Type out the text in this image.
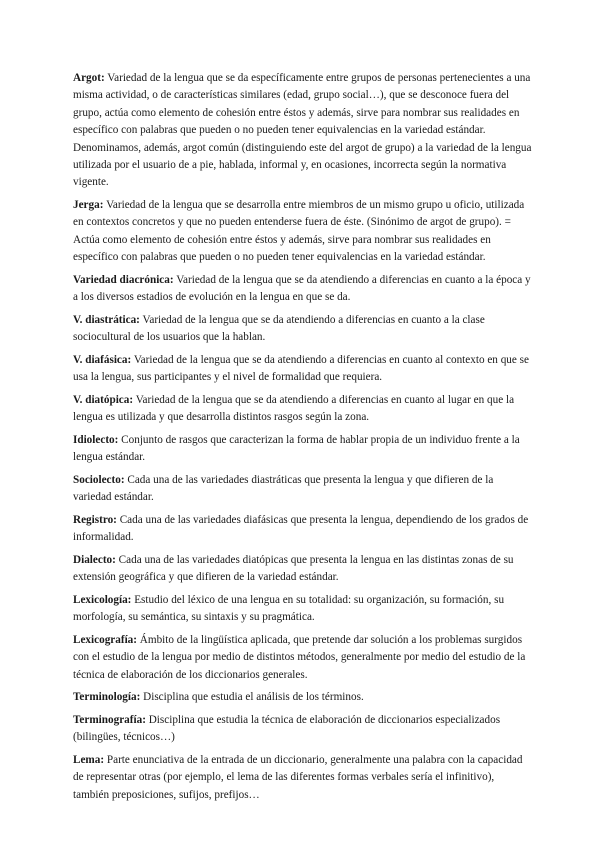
Argot: Variedad de la lengua que se da específicamente entre grupos de personas pertenecientes a una misma actividad, o de características similares (edad, grupo social…), que se desconoce fuera del grupo, actúa como elemento de cohesión entre éstos y además, sirve para nombrar sus realidades en específico con palabras que pueden o no pueden tener equivalencias en la variedad estándar. Denominamos, además, argot común (distinguiendo este del argot de grupo) a la variedad de la lengua utilizada por el usuario de a pie, hablada, informal y, en ocasiones, incorrecta según la normativa vigente.

Jerga: Variedad de la lengua que se desarrolla entre miembros de un mismo grupo u oficio, utilizada en contextos concretos y que no pueden entenderse fuera de éste. (Sinónimo de argot de grupo). = Actúa como elemento de cohesión entre éstos y además, sirve para nombrar sus realidades en específico con palabras que pueden o no pueden tener equivalencias en la variedad estándar.

Variedad diacrónica: Variedad de la lengua que se da atendiendo a diferencias en cuanto a la época y a los diversos estadios de evolución en la lengua en que se da.

V. diastrática: Variedad de la lengua que se da atendiendo a diferencias en cuanto a la clase sociocultural de los usuarios que la hablan.

V. diafásica: Variedad de la lengua que se da atendiendo a diferencias en cuanto al contexto en que se usa la lengua, sus participantes y el nivel de formalidad que requiera.

V. diatópica: Variedad de la lengua que se da atendiendo a diferencias en cuanto al lugar en que la lengua es utilizada y que desarrolla distintos rasgos según la zona.

Idiolecto: Conjunto de rasgos que caracterizan la forma de hablar propia de un individuo frente a la lengua estándar.

Sociolecto: Cada una de las variedades diastráticas que presenta la lengua y que difieren de la variedad estándar.

Registro: Cada una de las variedades diafásicas que presenta la lengua, dependiendo de los grados de informalidad.

Dialecto: Cada una de las variedades diatópicas que presenta la lengua en las distintas zonas de su extensión geográfica y que difieren de la variedad estándar.

Lexicología: Estudio del léxico de una lengua en su totalidad: su organización, su formación, su morfología, su semántica, su sintaxis y su pragmática.

Lexicografía: Ámbito de la lingüística aplicada, que pretende dar solución a los problemas surgidos con el estudio de la lengua por medio de distintos métodos, generalmente por medio del estudio de la técnica de elaboración de los diccionarios generales.

Terminología: Disciplina que estudia el análisis de los términos.

Terminografía: Disciplina que estudia la técnica de elaboración de diccionarios especializados (bilingües, técnicos…)

Lema: Parte enunciativa de la entrada de un diccionario, generalmente una palabra con la capacidad de representar otras (por ejemplo, el lema de las diferentes formas verbales sería el infinitivo), también preposiciones, sufijos, prefijos…
